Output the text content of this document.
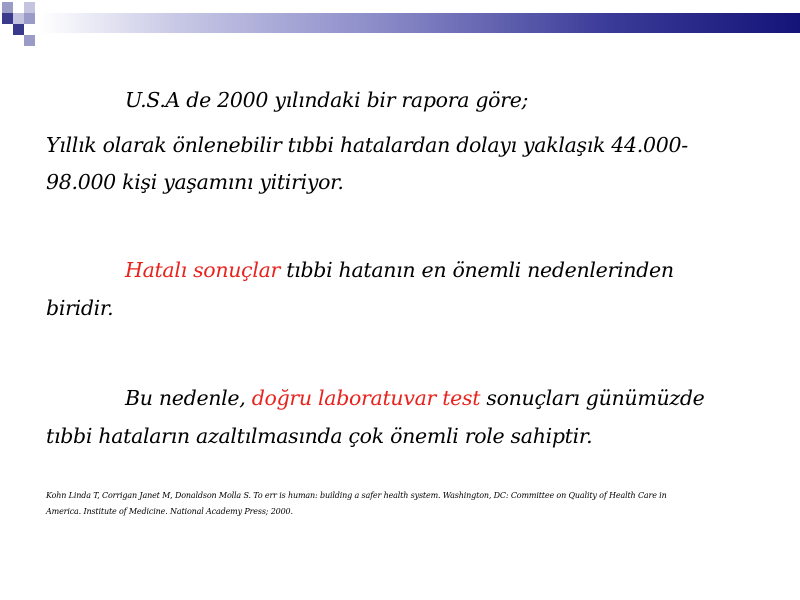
U.S.A de 2000 yılındaki bir rapora göre;
Yıllık olarak önlenebilir tıbbi hatalardan dolayı yaklaşık 44.000-
98.000 kişi yaşamını yitiriyor.
Hatalı sonuçlar tıbbi hatanın en önemli nedenlerinden
biridir.
Bu nedenle, doğru laboratuvar test sonuçları günümüzde
tıbbi hataların azaltılmasında çok önemli role sahiptir.
Kohn Linda T, Corrigan Janet M, Donaldson Molla S. To err is human: building a safer health system. Washington, DC: Committee on Quality of Health Care in
America. Institute of Medicine. National Academy Press; 2000.
